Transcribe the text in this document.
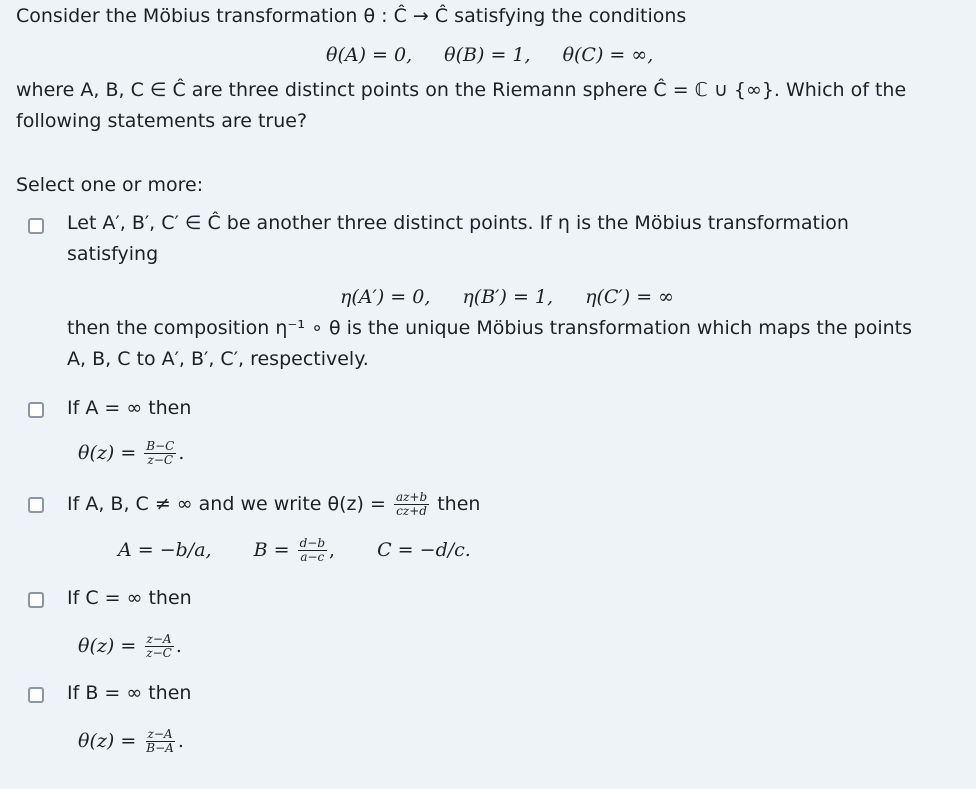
Consider the Möbius transformation θ : Ĉ → Ĉ satisfying the conditions
θ(A) = 0, θ(B) = 1, θ(C) = ∞,
where A, B, C ∈ Ĉ are three distinct points on the Riemann sphere Ĉ = ℂ ∪ {∞}. Which of the
following statements are true?
Select one or more:
Let A′, B′, C′ ∈ Ĉ be another three distinct points. If η is the Möbius transformation
satisfying
η(A′) = 0, η(B′) = 1, η(C′) = ∞
then the composition η⁻¹ ∘ θ is the unique Möbius transformation which maps the points
A, B, C to A′, B′, C′, respectively.
If A = ∞ then
$\theta(z) = \frac{B-C}{z-C}$ .
If A, B, C ≠ ∞ and we write $\theta(z) = \frac{az+b}{cz+d}$ then
A = −b/a, $B = \frac{d-b}{a-c}$ , C = −d/c.
If C = ∞ then
$\theta(z) = \frac{z-A}{z-C}$ .
If B = ∞ then
$\theta(z) = \frac{z-A}{B-A}$ .
